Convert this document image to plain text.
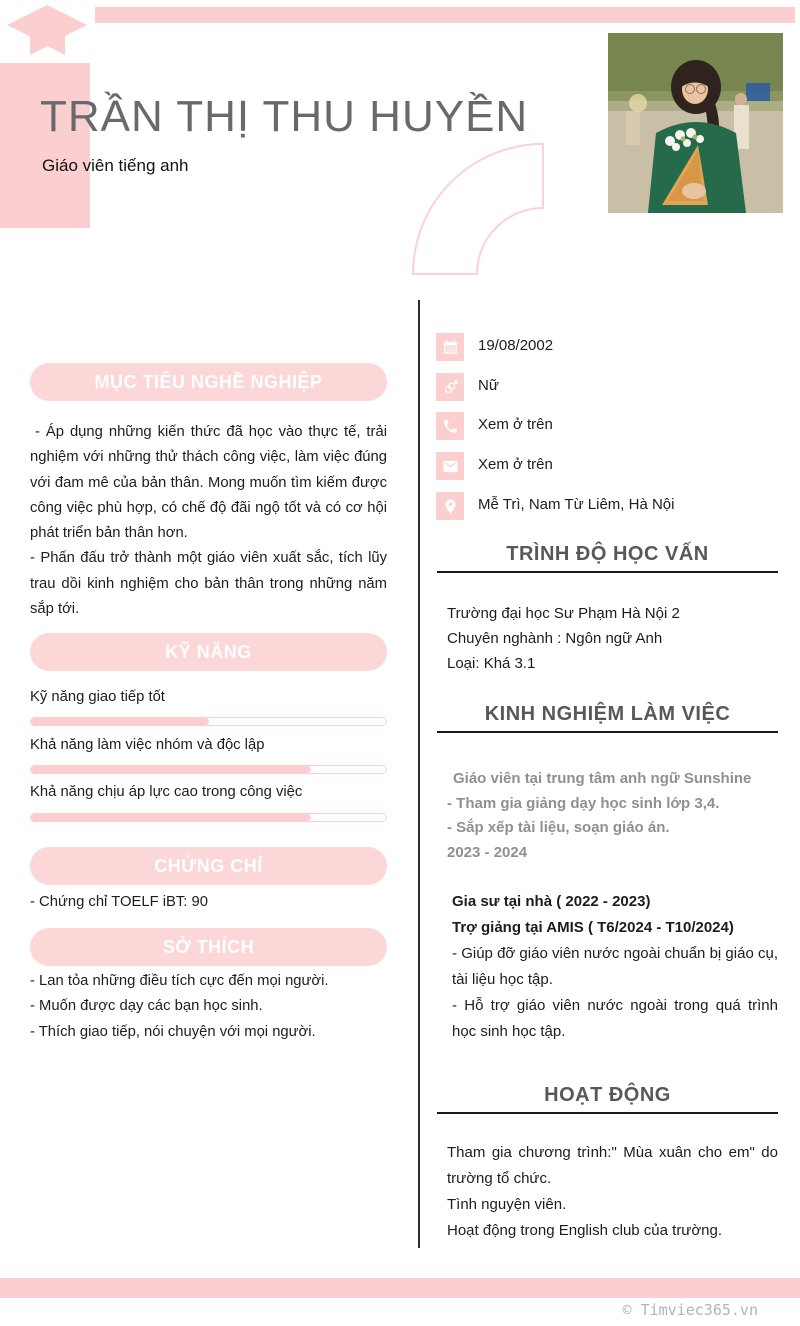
TRẦN THỊ THU HUYỀN
Giáo viên tiếng anh
19/08/2002
Nữ
Xem ở trên
Xem ở trên
Mễ Trì, Nam Từ Liêm, Hà Nội
MỤC TIÊU NGHỀ NGHIỆP

- Áp dụng những kiến thức đã học vào thực tế, trải nghiệm với những thử thách công việc, làm việc đúng với đam mê của bản thân. Mong muốn tìm kiếm được công việc phù hợp, có chế độ đãi ngộ tốt và có cơ hội phát triển bản thân hơn.

- Phấn đấu trở thành một giáo viên xuất sắc, tích lũy trau dồi kinh nghiệm cho bản thân trong những năm sắp tới.

KỸ NĂNG
Kỹ năng giao tiếp tốt
Khả năng làm việc nhóm và độc lập
Khả năng chịu áp lực cao trong công việc
CHỨNG CHỈ
- Chứng chỉ TOELF iBT: 90
SỞ THÍCH
- Lan tỏa những điều tích cực đến mọi người.
- Muốn được dạy các bạn học sinh.
- Thích giao tiếp, nói chuyện với mọi người.
TRÌNH ĐỘ HỌC VẤN
Trường đại học Sư Phạm Hà Nội 2
Chuyên nghành : Ngôn ngữ Anh
Loại: Khá 3.1
KINH NGHIỆM LÀM VIỆC
Giáo viên tại trung tâm anh ngữ Sunshine
- Tham gia giảng dạy học sinh lớp 3,4.
- Sắp xếp tài liệu, soạn giáo án.
2023 - 2024
Gia sư tại nhà ( 2022 - 2023)
Trợ giảng tại AMIS ( T6/2024 - T10/2024)

- Giúp đỡ giáo viên nước ngoài chuẩn bị giáo cụ, tài liệu học tập.

- Hỗ trợ giáo viên nước ngoài trong quá trình học sinh học tập.

HOẠT ĐỘNG

Tham gia chương trình:" Mùa xuân cho em" do trường tổ chức.

Tình nguyện viên.

Hoạt động trong English club của trường.

© Timviec365.vn
